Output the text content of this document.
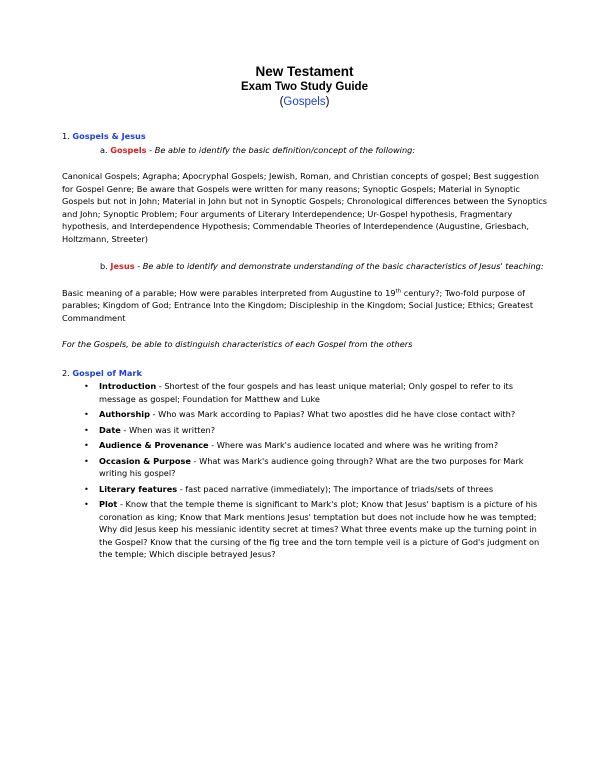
New Testament
Exam Two Study Guide
(Gospels)
1. Gospels & Jesus
a. Gospels - Be able to identify the basic definition/concept of the following:

Canonical Gospels; Agrapha; Apocryphal Gospels; Jewish, Roman, and Christian concepts of gospel; Best suggestion for Gospel Genre; Be aware that Gospels were written for many reasons; Synoptic Gospels; Material in Synoptic Gospels but not in John; Material in John but not in Synoptic Gospels; Chronological differences between the Synoptics and John; Synoptic Problem; Four arguments of Literary Interdependence; Ur-Gospel hypothesis, Fragmentary hypothesis, and Interdependence Hypothesis; Commendable Theories of Interdependence (Augustine, Griesbach, Holtzmann, Streeter)

b. Jesus - Be able to identify and demonstrate understanding of the basic characteristics of Jesus' teaching:

Basic meaning of a parable; How were parables interpreted from Augustine to 19th century?; Two-fold purpose of parables; Kingdom of God; Entrance Into the Kingdom; Discipleship in the Kingdom; Social Justice; Ethics; Greatest Commandment

For the Gospels, be able to distinguish characteristics of each Gospel from the others

2. Gospel of Mark
• Introduction - Shortest of the four gospels and has least unique material; Only gospel to refer to its message as gospel; Foundation for Matthew and Luke
• Authorship - Who was Mark according to Papias? What two apostles did he have close contact with?
• Date - When was it written?
• Audience & Provenance - Where was Mark's audience located and where was he writing from?
• Occasion & Purpose - What was Mark's audience going through? What are the two purposes for Mark writing his gospel?
• Literary features - fast paced narrative (immediately); The importance of triads/sets of threes
• Plot - Know that the temple theme is significant to Mark's plot; Know that Jesus' baptism is a picture of his coronation as king; Know that Mark mentions Jesus' temptation but does not include how he was tempted; Why did Jesus keep his messianic identity secret at times? What three events make up the turning point in the Gospel? Know that the cursing of the fig tree and the torn temple veil is a picture of God's judgment on the temple; Which disciple betrayed Jesus?
